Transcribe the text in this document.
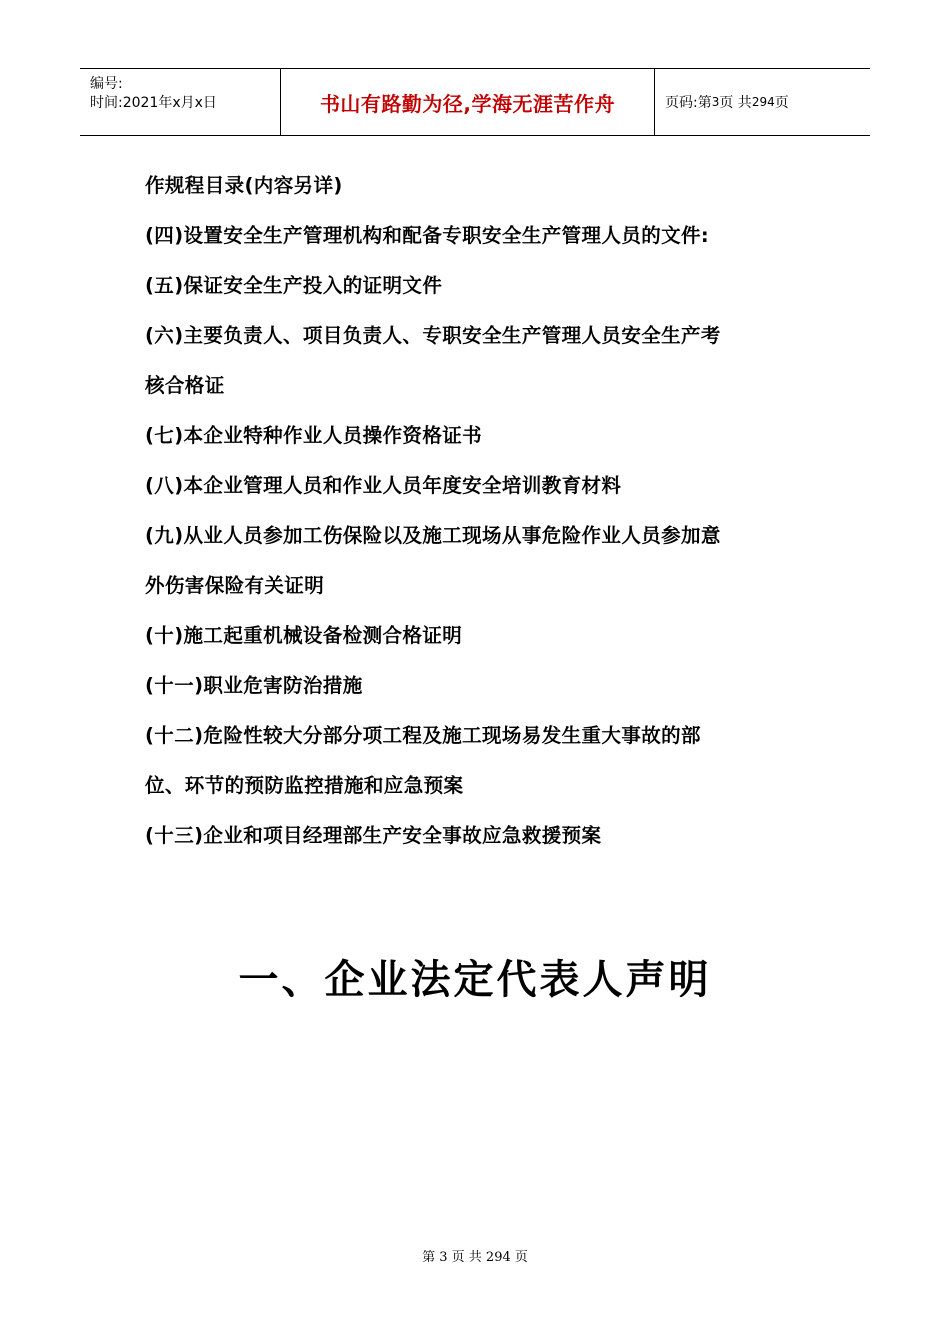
编号:
时间:2021年x月x日	书山有路勤为径,学海无涯苦作舟	页码:第 3 页 共 294 页
作规程目录(内容另详)
(四)设置安全生产管理机构和配备专职安全生产管理人员的文件:
(五)保证安全生产投入的证明文件
(六)主要负责人、项目负责人、专职安全生产管理人员安全生产考
核合格证
(七)本企业特种作业人员操作资格证书
(八)本企业管理人员和作业人员年度安全培训教育材料
(九)从业人员参加工伤保险以及施工现场从事危险作业人员参加意
外伤害保险有关证明
(十)施工起重机械设备检测合格证明
(十一)职业危害防治措施
(十二)危险性较大分部分项工程及施工现场易发生重大事故的部
位、环节的预防监控措施和应急预案
(十三)企业和项目经理部生产安全事故应急救援预案
一、企业法定代表人声明
第 3 页 共 294 页
